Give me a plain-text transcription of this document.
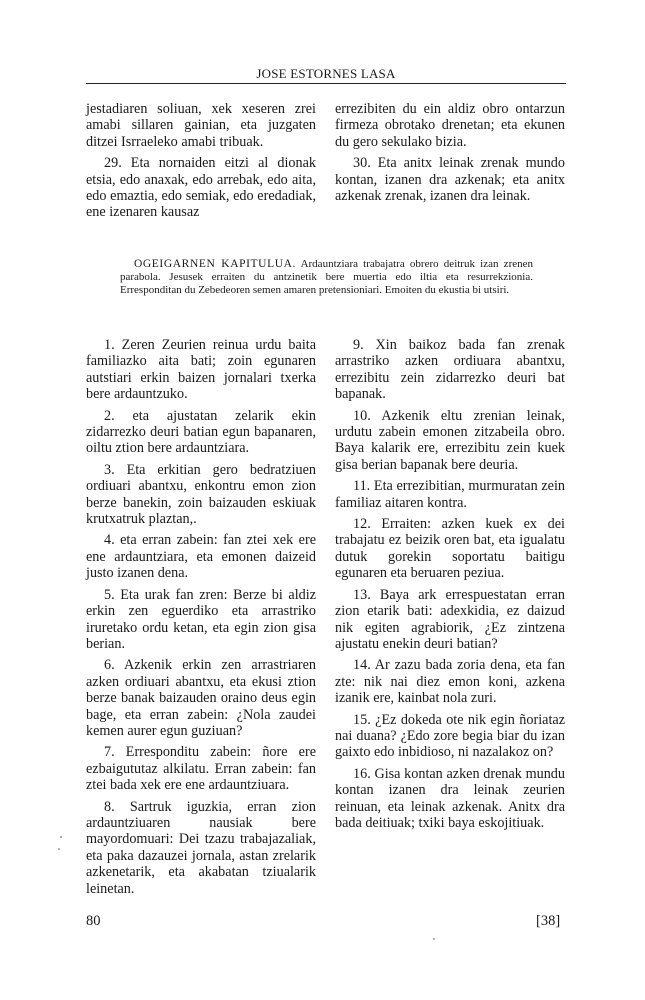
JOSE ESTORNES LASA

jestadiaren soliuan, xek xeseren zrei amabi sillaren gainian, eta juzgaten ditzei Isrraeleko amabi tribuak.

29. Eta nornaiden eitzi al dionak etsia, edo anaxak, edo arrebak, edo aita, edo emaztia, edo semiak, edo eredadiak, ene izenaren kausaz

errezibiten du ein aldiz obro ontarzun firmeza obrotako drenetan; eta ekunen du gero sekulako bizia.

30. Eta anitx leinak zrenak mundo kontan, izanen dra azkenak; eta anitx azkenak zrenak, izanen dra leinak.

OGEIGARNEN KAPITULUA. Ardauntziara trabajatra obrero deitruk izan zrenen parabola. Jesusek erraiten du antzinetik bere muertia edo iltia eta resurrekzionia. Erresponditan du Zebedeoren semen amaren pretensioniari. Emoiten du ekustia bi utsiri.

1. Zeren Zeurien reinua urdu baita familiazko aita bati; zoin egunaren autstiari erkin baizen jornalari txerka bere ardauntzuko.

2. eta ajustatan zelarik ekin zidarrezko deuri batian egun bapanaren, oiltu ztion bere ardauntziara.

3. Eta erkitian gero bedratziuen ordiuari abantxu, enkontru emon zion berze banekin, zoin baizauden eskiuak krutxatruk plaztan,.

4. eta erran zabein: fan ztei xek ere ene ardauntziara, eta emonen daizeid justo izanen dena.

5. Eta urak fan zren: Berze bi aldiz erkin zen eguerdiko eta arrastriko iruretako ordu ketan, eta egin zion gisa berian.

6. Azkenik erkin zen arrastriaren azken ordiuari abantxu, eta ekusi ztion berze banak baizauden oraino deus egin bage, eta erran zabein: ¿Nola zaudei kemen aurer egun guziuan?

7. Erresponditu zabein: ñore ere ezbaigututaz alkilatu. Erran zabein: fan ztei bada xek ere ene ardauntziuara.

8. Sartruk iguzkia, erran zion ardauntziuaren nausiak bere mayordomuari: Dei tzazu trabajazaliak, eta paka dazauzei jornala, astan zrelarik azkenetarik, eta akabatan tziualarik leinetan.

9. Xin baikoz bada fan zrenak arrastriko azken ordiuara abantxu, errezibitu zein zidarrezko deuri bat bapanak.

10. Azkenik eltu zrenian leinak, urdutu zabein emonen zitzabeila obro. Baya kalarik ere, errezibitu zein kuek gisa berian bapanak bere deuria.

11. Eta errezibitian, murmuratan zein familiaz aitaren kontra.

12. Erraiten: azken kuek ex dei trabajatu ez beizik oren bat, eta igualatu dutuk gorekin soportatu baitigu egunaren eta beruaren peziua.

13. Baya ark errespuestatan erran zion etarik bati: adexkidia, ez daizud nik egiten agrabiorik, ¿Ez zintzena ajustatu enekin deuri batian?

14. Ar zazu bada zoria dena, eta fan zte: nik nai diez emon koni, azkena izanik ere, kainbat nola zuri.

15. ¿Ez dokeda ote nik egin ñoriataz nai duana? ¿Edo zore begia biar du izan gaixto edo inbidioso, ni nazalakoz on?

16. Gisa kontan azken drenak mundu kontan izanen dra leinak zeurien reinuan, eta leinak azkenak. Anitx dra bada deitiuak; txiki baya eskojitiuak.

80	[38]
